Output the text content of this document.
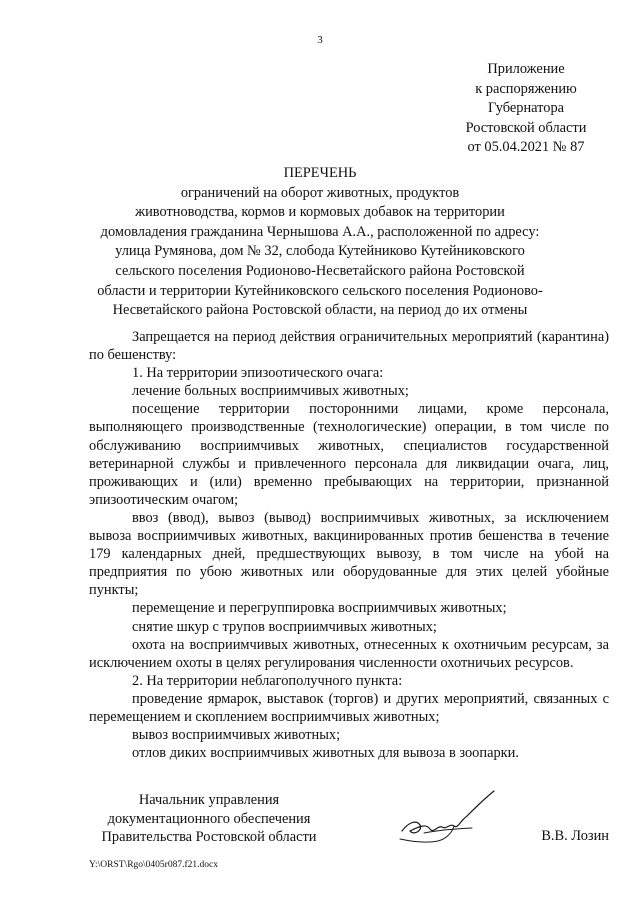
3
Приложение
к распоряжению
Губернатора
Ростовской области
от 05.04.2021 № 87
ПЕРЕЧЕНЬ
ограничений на оборот животных, продуктов
животноводства, кормов и кормовых добавок на территории
домовладения гражданина Чернышова А.А., расположенной по адресу:
улица Румянова, дом № 32, слобода Кутейниково Кутейниковского
сельского поселения Родионово-Несветайского района Ростовской
области и территории Кутейниковского сельского поселения Родионово-
Несветайского района Ростовской области, на период до их отмены

Запрещается на период действия ограничительных мероприятий (карантина) по бешенству:

1. На территории эпизоотического очага:

лечение больных восприимчивых животных;

посещение территории посторонними лицами, кроме персонала, выполняющего производственные (технологические) операции, в том числе по обслуживанию восприимчивых животных, специалистов государственной ветеринарной службы и привлеченного персонала для ликвидации очага, лиц, проживающих и (или) временно пребывающих на территории, признанной эпизоотическим очагом;

ввоз (ввод), вывоз (вывод) восприимчивых животных, за исключением вывоза восприимчивых животных, вакцинированных против бешенства в течение 179 календарных дней, предшествующих вывозу, в том числе на убой на предприятия по убою животных или оборудованные для этих целей убойные пункты;

перемещение и перегруппировка восприимчивых животных;

снятие шкур с трупов восприимчивых животных;

охота на восприимчивых животных, отнесенных к охотничьим ресурсам, за исключением охоты в целях регулирования численности охотничьих ресурсов.

2. На территории неблагополучного пункта:

проведение ярмарок, выставок (торгов) и других мероприятий, связанных с перемещением и скоплением восприимчивых животных;

вывоз восприимчивых животных;

отлов диких восприимчивых животных для вывоза в зоопарки.

Начальник управления
документационного обеспечения
Правительства Ростовской области	В.В. Лозин
Y:\ORST\Rgo\0405r087.f21.docx
